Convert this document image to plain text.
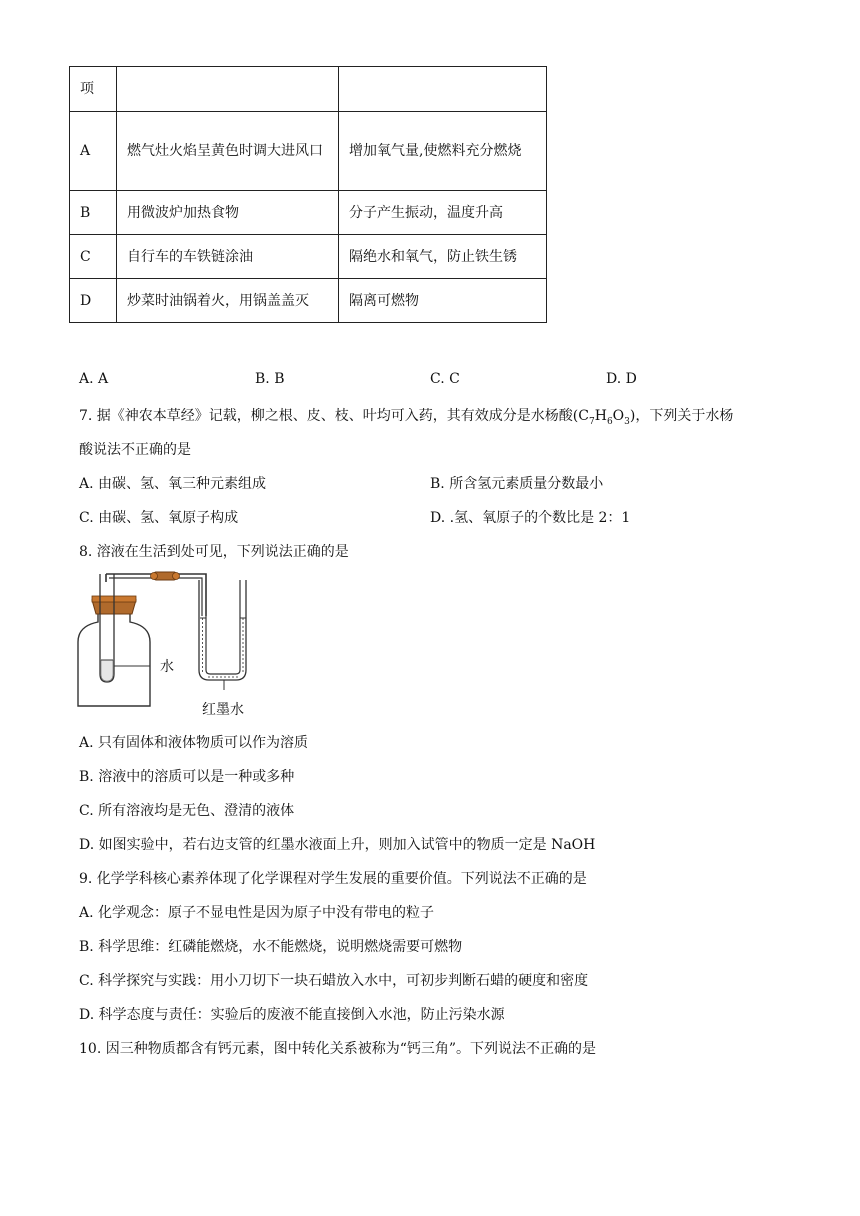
项		
A	燃气灶火焰呈黄色时调大进风口	增加氧气量,使燃料充分燃烧
B	用微波炉加热食物	分子产生振动，温度升高
C	自行车的车铁链涂油	隔绝水和氧气，防止铁生锈
D	炒菜时油锅着火，用锅盖盖灭	隔离可燃物
A. A	B. B	C. C	D. D
7. 据《神农本草经》记载，柳之根、皮、枝、叶均可入药，其有效成分是水杨酸$(C_7H_6O_3)$，下列关于水杨
酸说法不正确的是
A. 由碳、氢、氧三种元素组成	B. 所含氢元素质量分数最小
C. 由碳、氢、氧原子构成	D. .氢、氧原子的个数比是 2：1
8. 溶液在生活到处可见，下列说法正确的是
水
红墨水
A. 只有固体和液体物质可以作为溶质
B. 溶液中的溶质可以是一种或多种
C. 所有溶液均是无色、澄清的液体
D. 如图实验中，若右边支管的红墨水液面上升，则加入试管中的物质一定是 NaOH
9. 化学学科核心素养体现了化学课程对学生发展的重要价值。下列说法不正确的是
A. 化学观念：原子不显电性是因为原子中没有带电的粒子
B. 科学思维：红磷能燃烧，水不能燃烧，说明燃烧需要可燃物
C. 科学探究与实践：用小刀切下一块石蜡放入水中，可初步判断石蜡的硬度和密度
D. 科学态度与责任：实验后的废液不能直接倒入水池，防止污染水源
10. 因三种物质都含有钙元素，图中转化关系被称为“钙三角”。下列说法不正确的是
